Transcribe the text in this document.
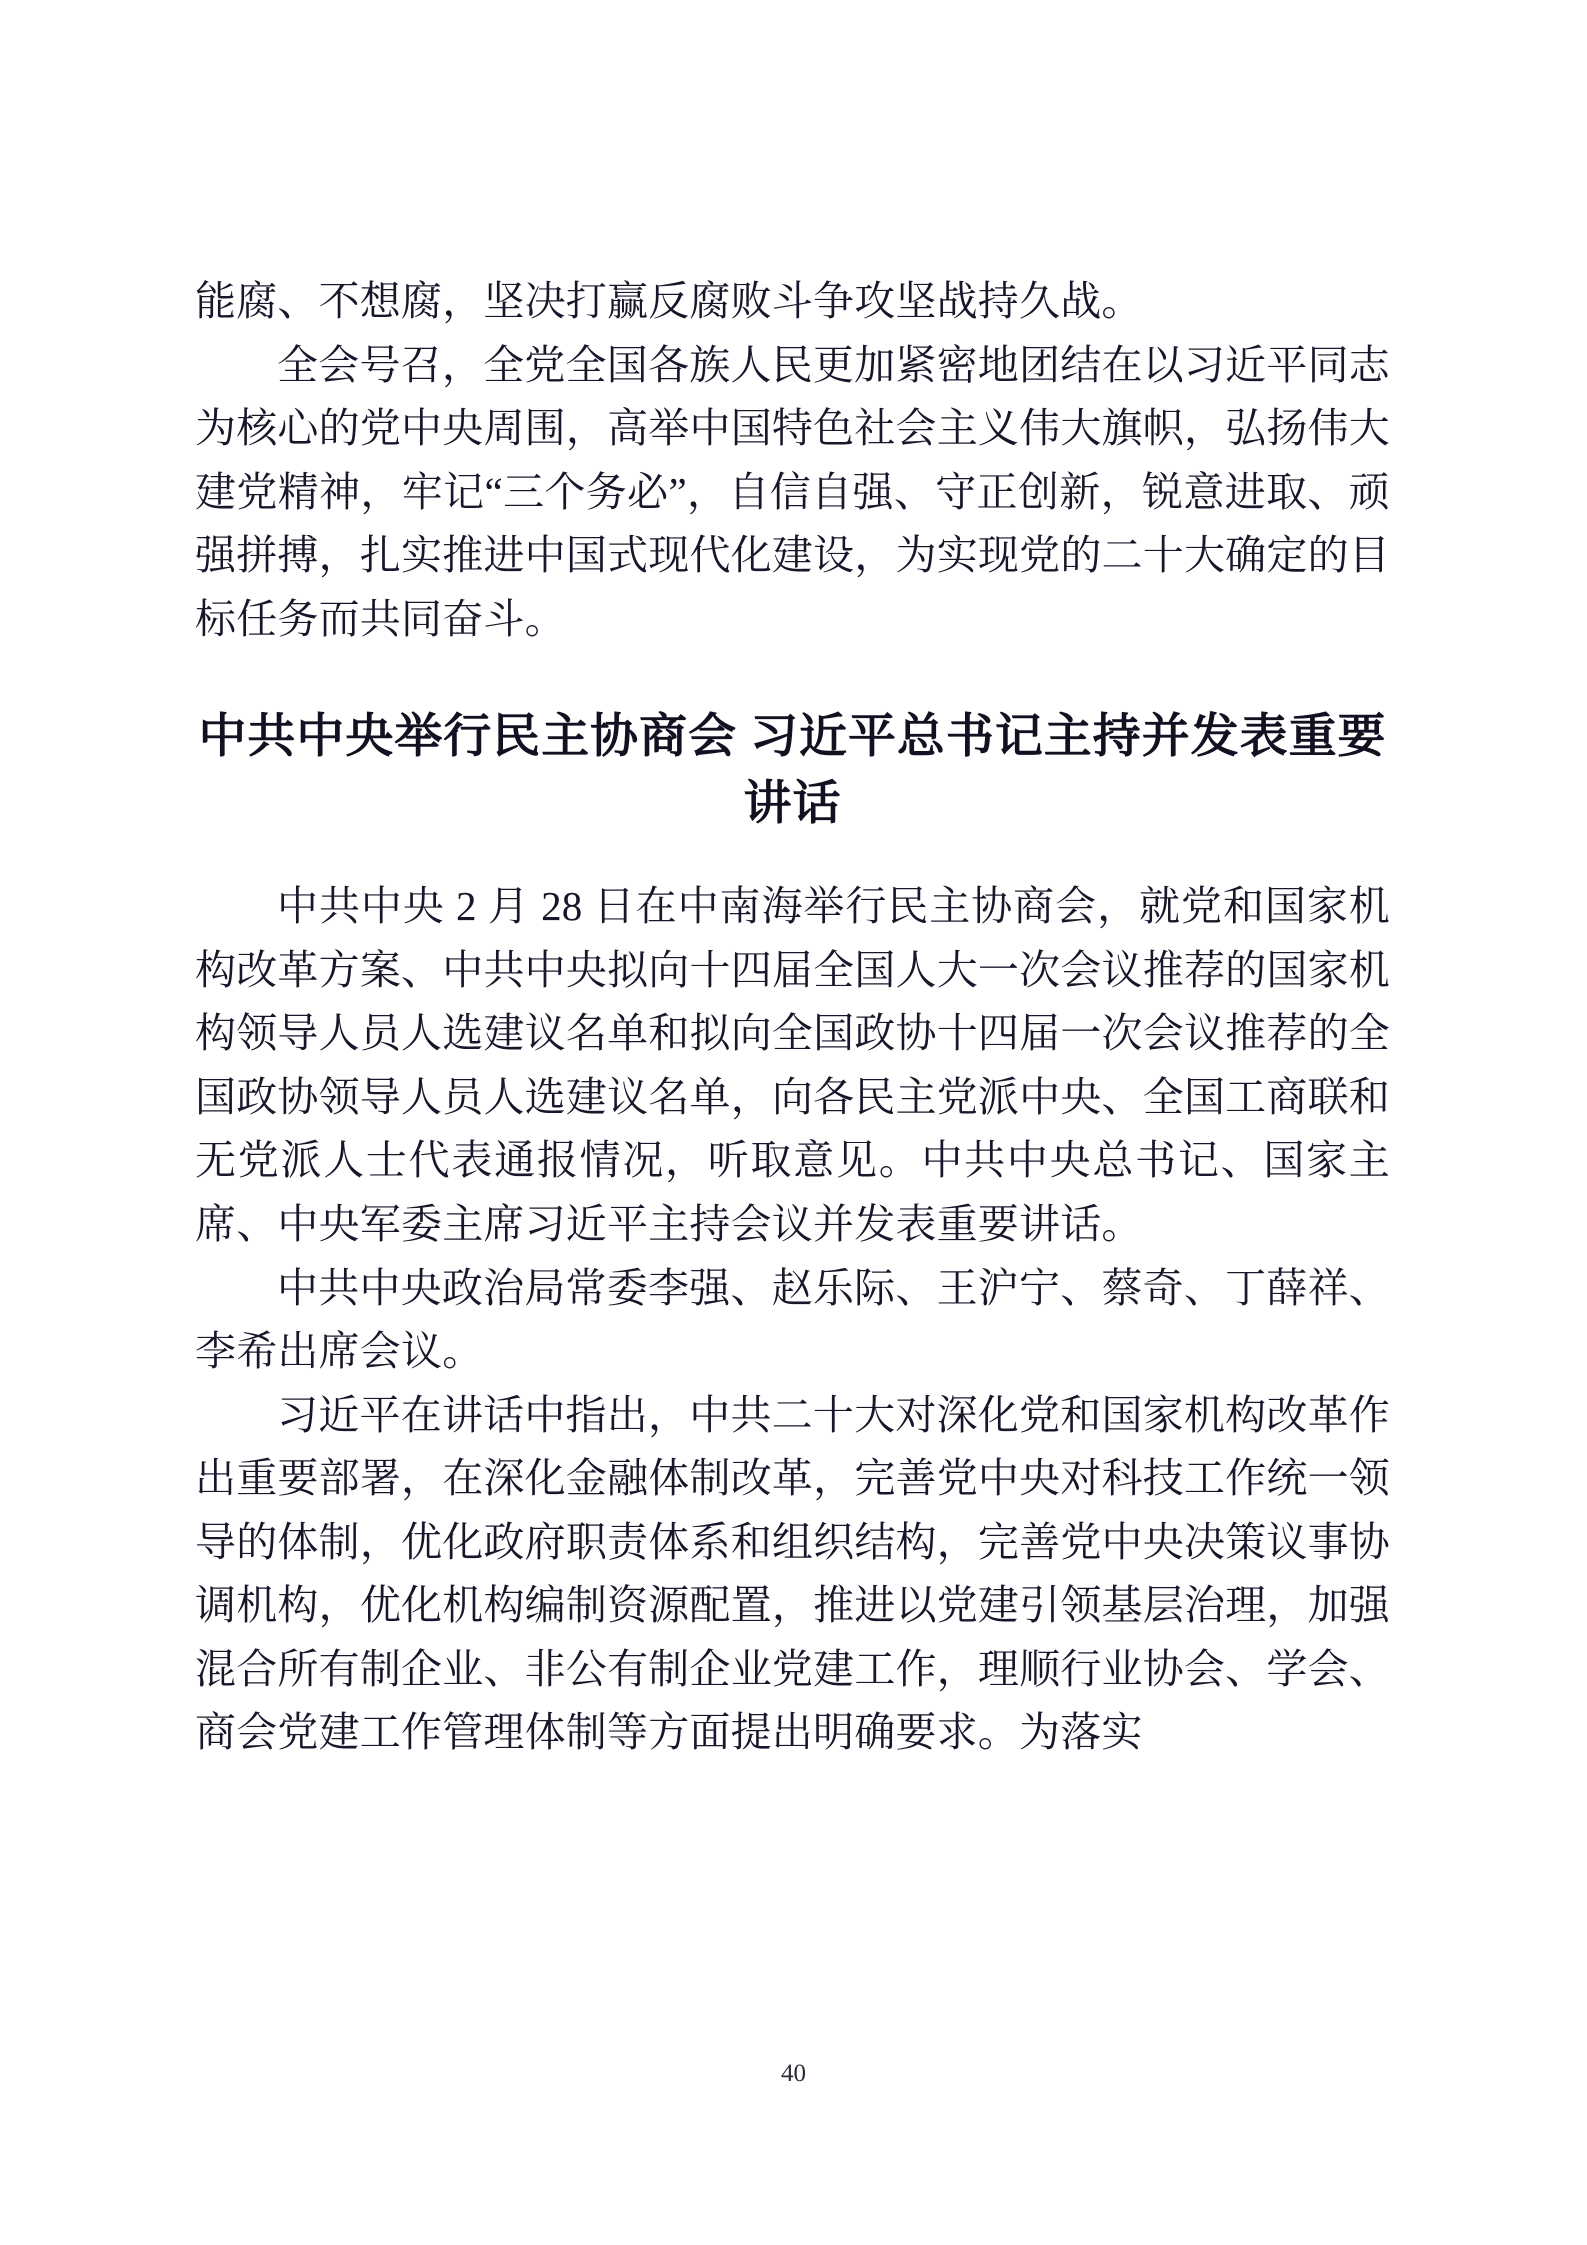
能腐、不想腐，坚决打赢反腐败斗争攻坚战持久战。

全会号召，全党全国各族人民更加紧密地团结在以习近平同志为核心的党中央周围，高举中国特色社会主义伟大旗帜，弘扬伟大建党精神，牢记“三个务必”，自信自强、守正创新，锐意进取、顽强拼搏，扎实推进中国式现代化建设，为实现党的二十大确定的目标任务而共同奋斗。

中共中央举行民主协商会 习近平总书记主持并发表重要讲话

中共中央 2 月 28 日在中南海举行民主协商会，就党和国家机构改革方案、中共中央拟向十四届全国人大一次会议推荐的国家机构领导人员人选建议名单和拟向全国政协十四届一次会议推荐的全国政协领导人员人选建议名单，向各民主党派中央、全国工商联和无党派人士代表通报情况，听取意见。中共中央总书记、国家主席、中央军委主席习近平主持会议并发表重要讲话。

中共中央政治局常委李强、赵乐际、王沪宁、蔡奇、丁薛祥、李希出席会议。

习近平在讲话中指出，中共二十大对深化党和国家机构改革作出重要部署，在深化金融体制改革，完善党中央对科技工作统一领导的体制，优化政府职责体系和组织结构，完善党中央决策议事协调机构，优化机构编制资源配置，推进以党建引领基层治理，加强混合所有制企业、非公有制企业党建工作，理顺行业协会、学会、商会党建工作管理体制等方面提出明确要求。为落实

40
